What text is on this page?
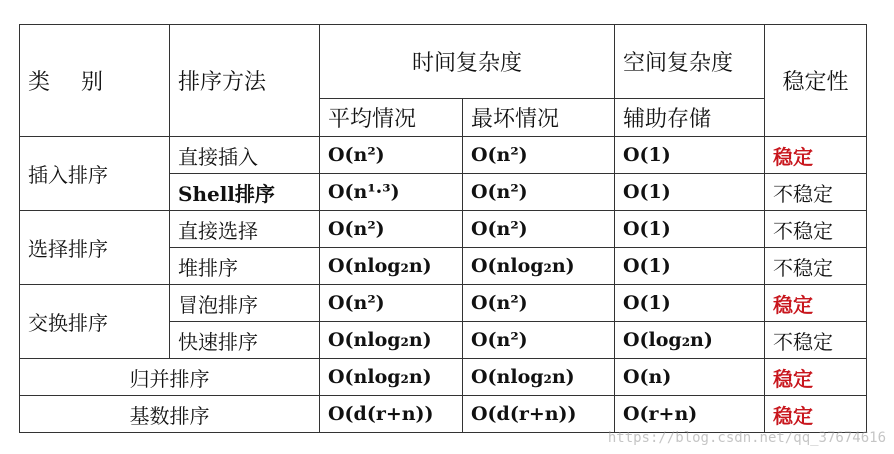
类 别	排序方法	时间复杂度		空间复杂度	稳定性
		平均情况	最坏情况	辅助存储	
插入排序	直接插入	O(n²)	O(n²)	O(1)	稳定
	Shell排序	O(n¹·³)	O(n²)	O(1)	不稳定
选择排序	直接选择	O(n²)	O(n²)	O(1)	不稳定
	堆排序	O(nlog₂n)	O(nlog₂n)	O(1)	不稳定
交换排序	冒泡排序	O(n²)	O(n²)	O(1)	稳定
	快速排序	O(nlog₂n)	O(n²)	O(log₂n)	不稳定
归并排序		O(nlog₂n)	O(nlog₂n)	O(n)	稳定
基数排序		O(d(r+n))	O(d(r+n))	O(r+n)	稳定
https://blog.csdn.net/qq_37674616
